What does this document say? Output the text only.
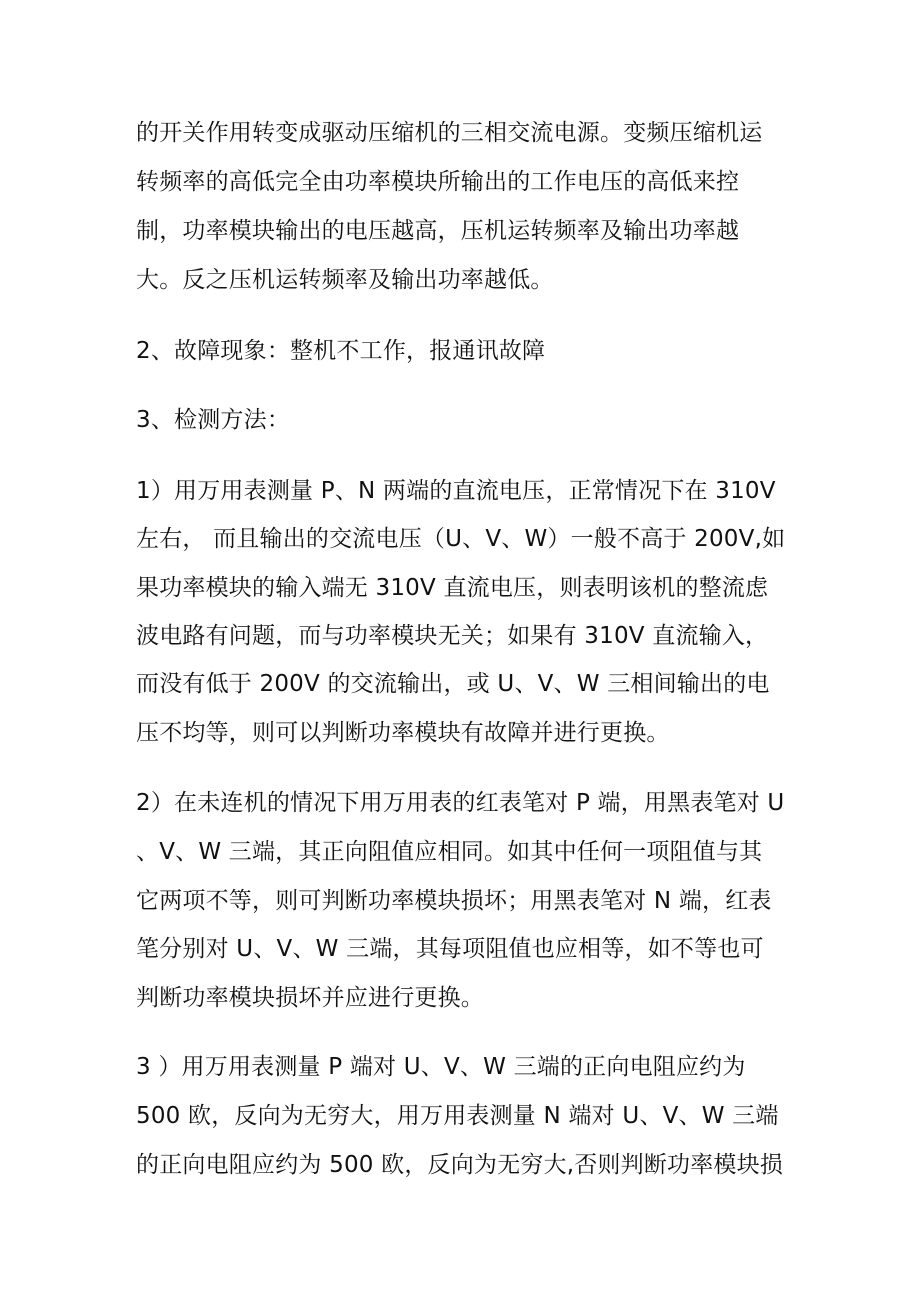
的开关作用转变成驱动压缩机的三相交流电源。变频压缩机运
转频率的高低完全由功率模块所输出的工作电压的高低来控
制，功率模块输出的电压越高，压机运转频率及输出功率越
大。反之压机运转频率及输出功率越低。
2、故障现象：整机不工作，报通讯故障
3、检测方法：
1）用万用表测量 P、N 两端的直流电压，正常情况下在 310V
左右， 而且输出的交流电压（U、V、W）一般不高于 200V,如
果功率模块的输入端无 310V 直流电压，则表明该机的整流虑
波电路有问题，而与功率模块无关；如果有 310V 直流输入，
而没有低于 200V 的交流输出，或 U、V、W 三相间输出的电
压不均等，则可以判断功率模块有故障并进行更换。
2）在未连机的情况下用万用表的红表笔对 P 端，用黑表笔对 U
、V、W 三端，其正向阻值应相同。如其中任何一项阻值与其
它两项不等，则可判断功率模块损坏；用黑表笔对 N 端，红表
笔分别对 U、V、W 三端，其每项阻值也应相等，如不等也可
判断功率模块损坏并应进行更换。
3 ）用万用表测量 P 端对 U、V、W 三端的正向电阻应约为
500 欧，反向为无穷大，用万用表测量 N 端对 U、V、W 三端
的正向电阻应约为 500 欧，反向为无穷大,否则判断功率模块损
